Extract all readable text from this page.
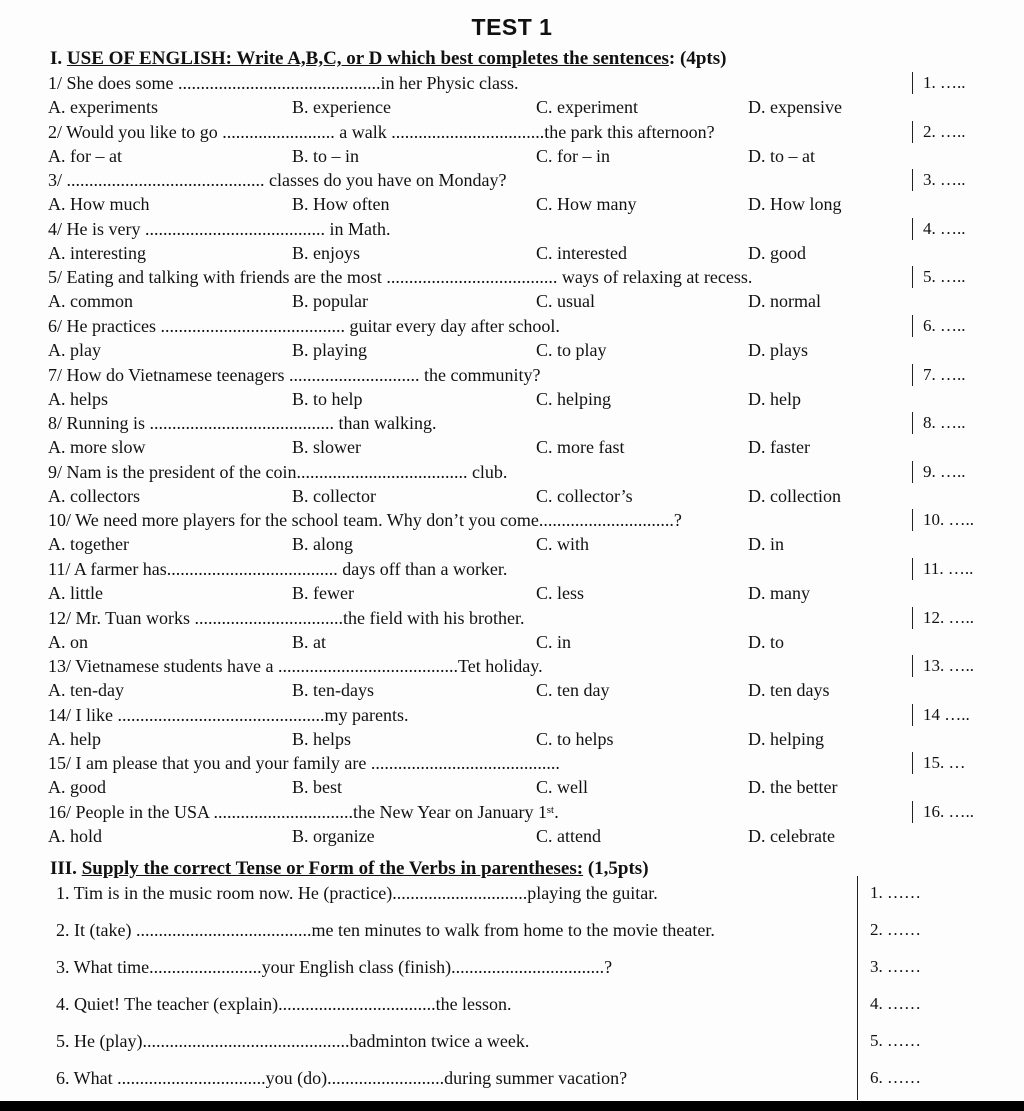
TEST 1
I. USE OF ENGLISH: Write A,B,C, or D which best completes the sentences: (4pts)
1/ She does some .............................................in her Physic class.	1. …..
A. experiments	B. experience	C. experiment	D. expensive
2/ Would you like to go ......................... a walk ..................................the park this afternoon?	2. …..
A. for – at	B. to – in	C. for – in	D. to – at
3/ ............................................ classes do you have on Monday?	3. …..
A. How much	B. How often	C. How many	D. How long
4/ He is very ........................................ in Math.	4. …..
A. interesting	B. enjoys	C. interested	D. good
5/ Eating and talking with friends are the most ...................................... ways of relaxing at recess.	5. …..
A. common	B. popular	C. usual	D. normal
6/ He practices ......................................... guitar every day after school.	6. …..
A. play	B. playing	C. to play	D. plays
7/ How do Vietnamese teenagers ............................. the community?	7. …..
A. helps	B. to help	C. helping	D. help
8/ Running is ......................................... than walking.	8. …..
A. more slow	B. slower	C. more fast	D. faster
9/ Nam is the president of the coin...................................... club.	9. …..
A. collectors	B. collector	C. collector’s	D. collection
10/ We need more players for the school team. Why don’t you come..............................?	10. …..
A. together	B. along	C. with	D. in
11/ A farmer has...................................... days off than a worker.	11. …..
A. little	B. fewer	C. less	D. many
12/ Mr. Tuan works .................................the field with his brother.	12. …..
A. on	B. at	C. in	D. to
13/ Vietnamese students have a ........................................Tet holiday.	13. …..
A. ten-day	B. ten-days	C. ten day	D. ten days
14/ I like ..............................................my parents.	14 …..
A. help	B. helps	C. to helps	D. helping
15/ I am please that you and your family are ..........................................	15. …
A. good	B. best	C. well	D. the better
16/ People in the USA ...............................the New Year on January 1ˢᵗ.	16. …..
A. hold	B. organize	C. attend	D. celebrate
III. Supply the correct Tense or Form of the Verbs in parentheses: (1,5pts)
1. Tim is in the music room now. He (practice)..............................playing the guitar.	1. ……
2. It (take) .......................................me ten minutes to walk from home to the movie theater.	2. ……
3. What time.........................your English class (finish)..................................?	3. ……
4. Quiet! The teacher (explain)...................................the lesson.	4. ……
5. He (play)..............................................badminton twice a week.	5. ……
6. What .................................you (do)..........................during summer vacation?	6. ……
